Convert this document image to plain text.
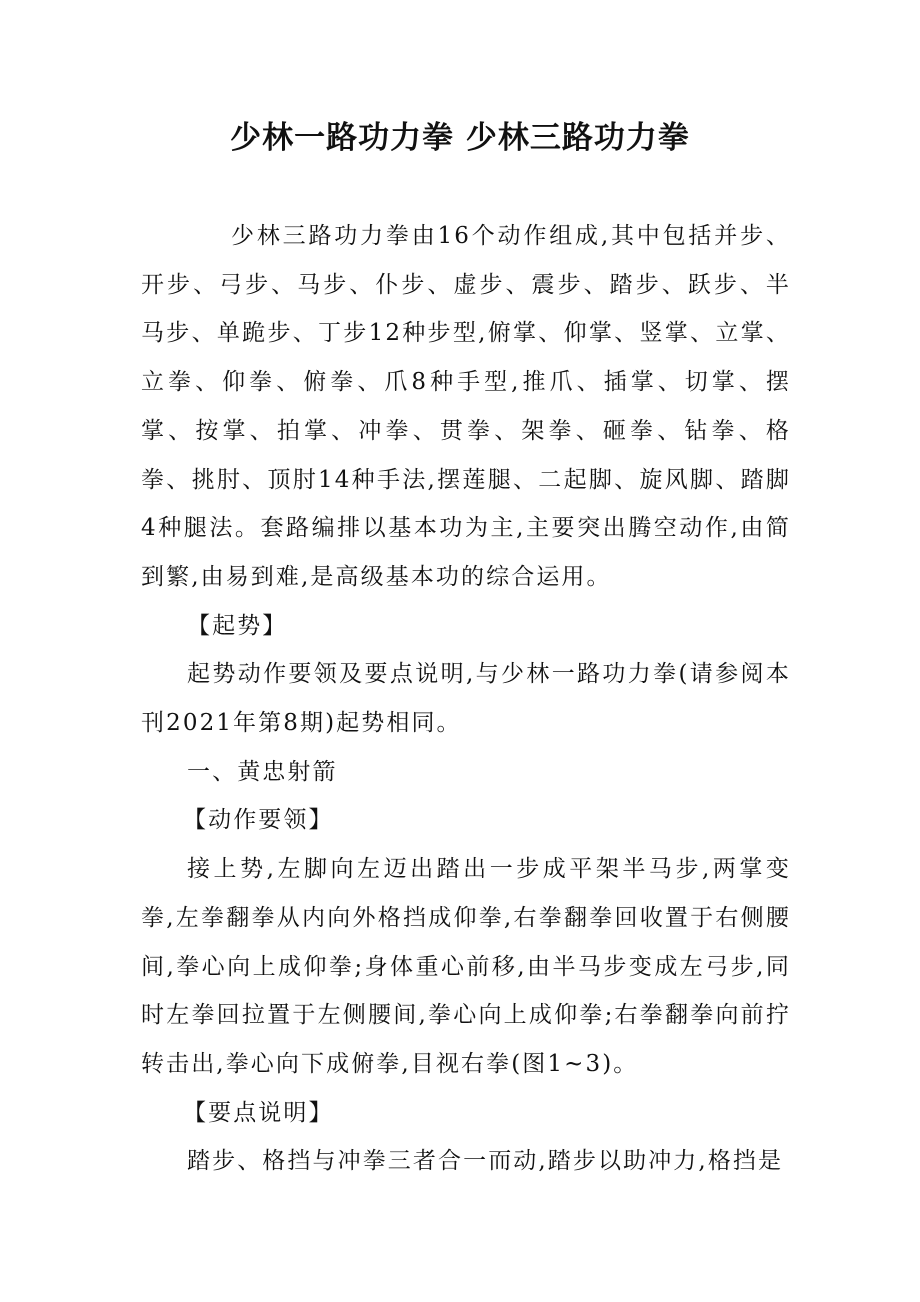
少林一路功力拳 少林三路功力拳

少林三路功力拳由16个动作组成,其中包括并步、开步、弓步、马步、仆步、虚步、震步、踏步、跃步、半马步、单跪步、丁步12种步型,俯掌、仰掌、竖掌、立掌、立拳、仰拳、俯拳、爪8种手型,推爪、插掌、切掌、摆掌、按掌、拍掌、冲拳、贯拳、架拳、砸拳、钻拳、格拳、挑肘、顶肘14种手法,摆莲腿、二起脚、旋风脚、踏脚4种腿法。套路编排以基本功为主,主要突出腾空动作,由简到繁,由易到难,是高级基本功的综合运用。

【起势】

起势动作要领及要点说明,与少林一路功力拳(请参阅本刊2021年第8期)起势相同。

一、黄忠射箭

【动作要领】

接上势,左脚向左迈出踏出一步成平架半马步,两掌变拳,左拳翻拳从内向外格挡成仰拳,右拳翻拳回收置于右侧腰间,拳心向上成仰拳;身体重心前移,由半马步变成左弓步,同时左拳回拉置于左侧腰间,拳心向上成仰拳;右拳翻拳向前拧转击出,拳心向下成俯拳,目视右拳(图1~3)。

【要点说明】

踏步、格挡与冲拳三者合一而动,踏步以助冲力,格挡是
